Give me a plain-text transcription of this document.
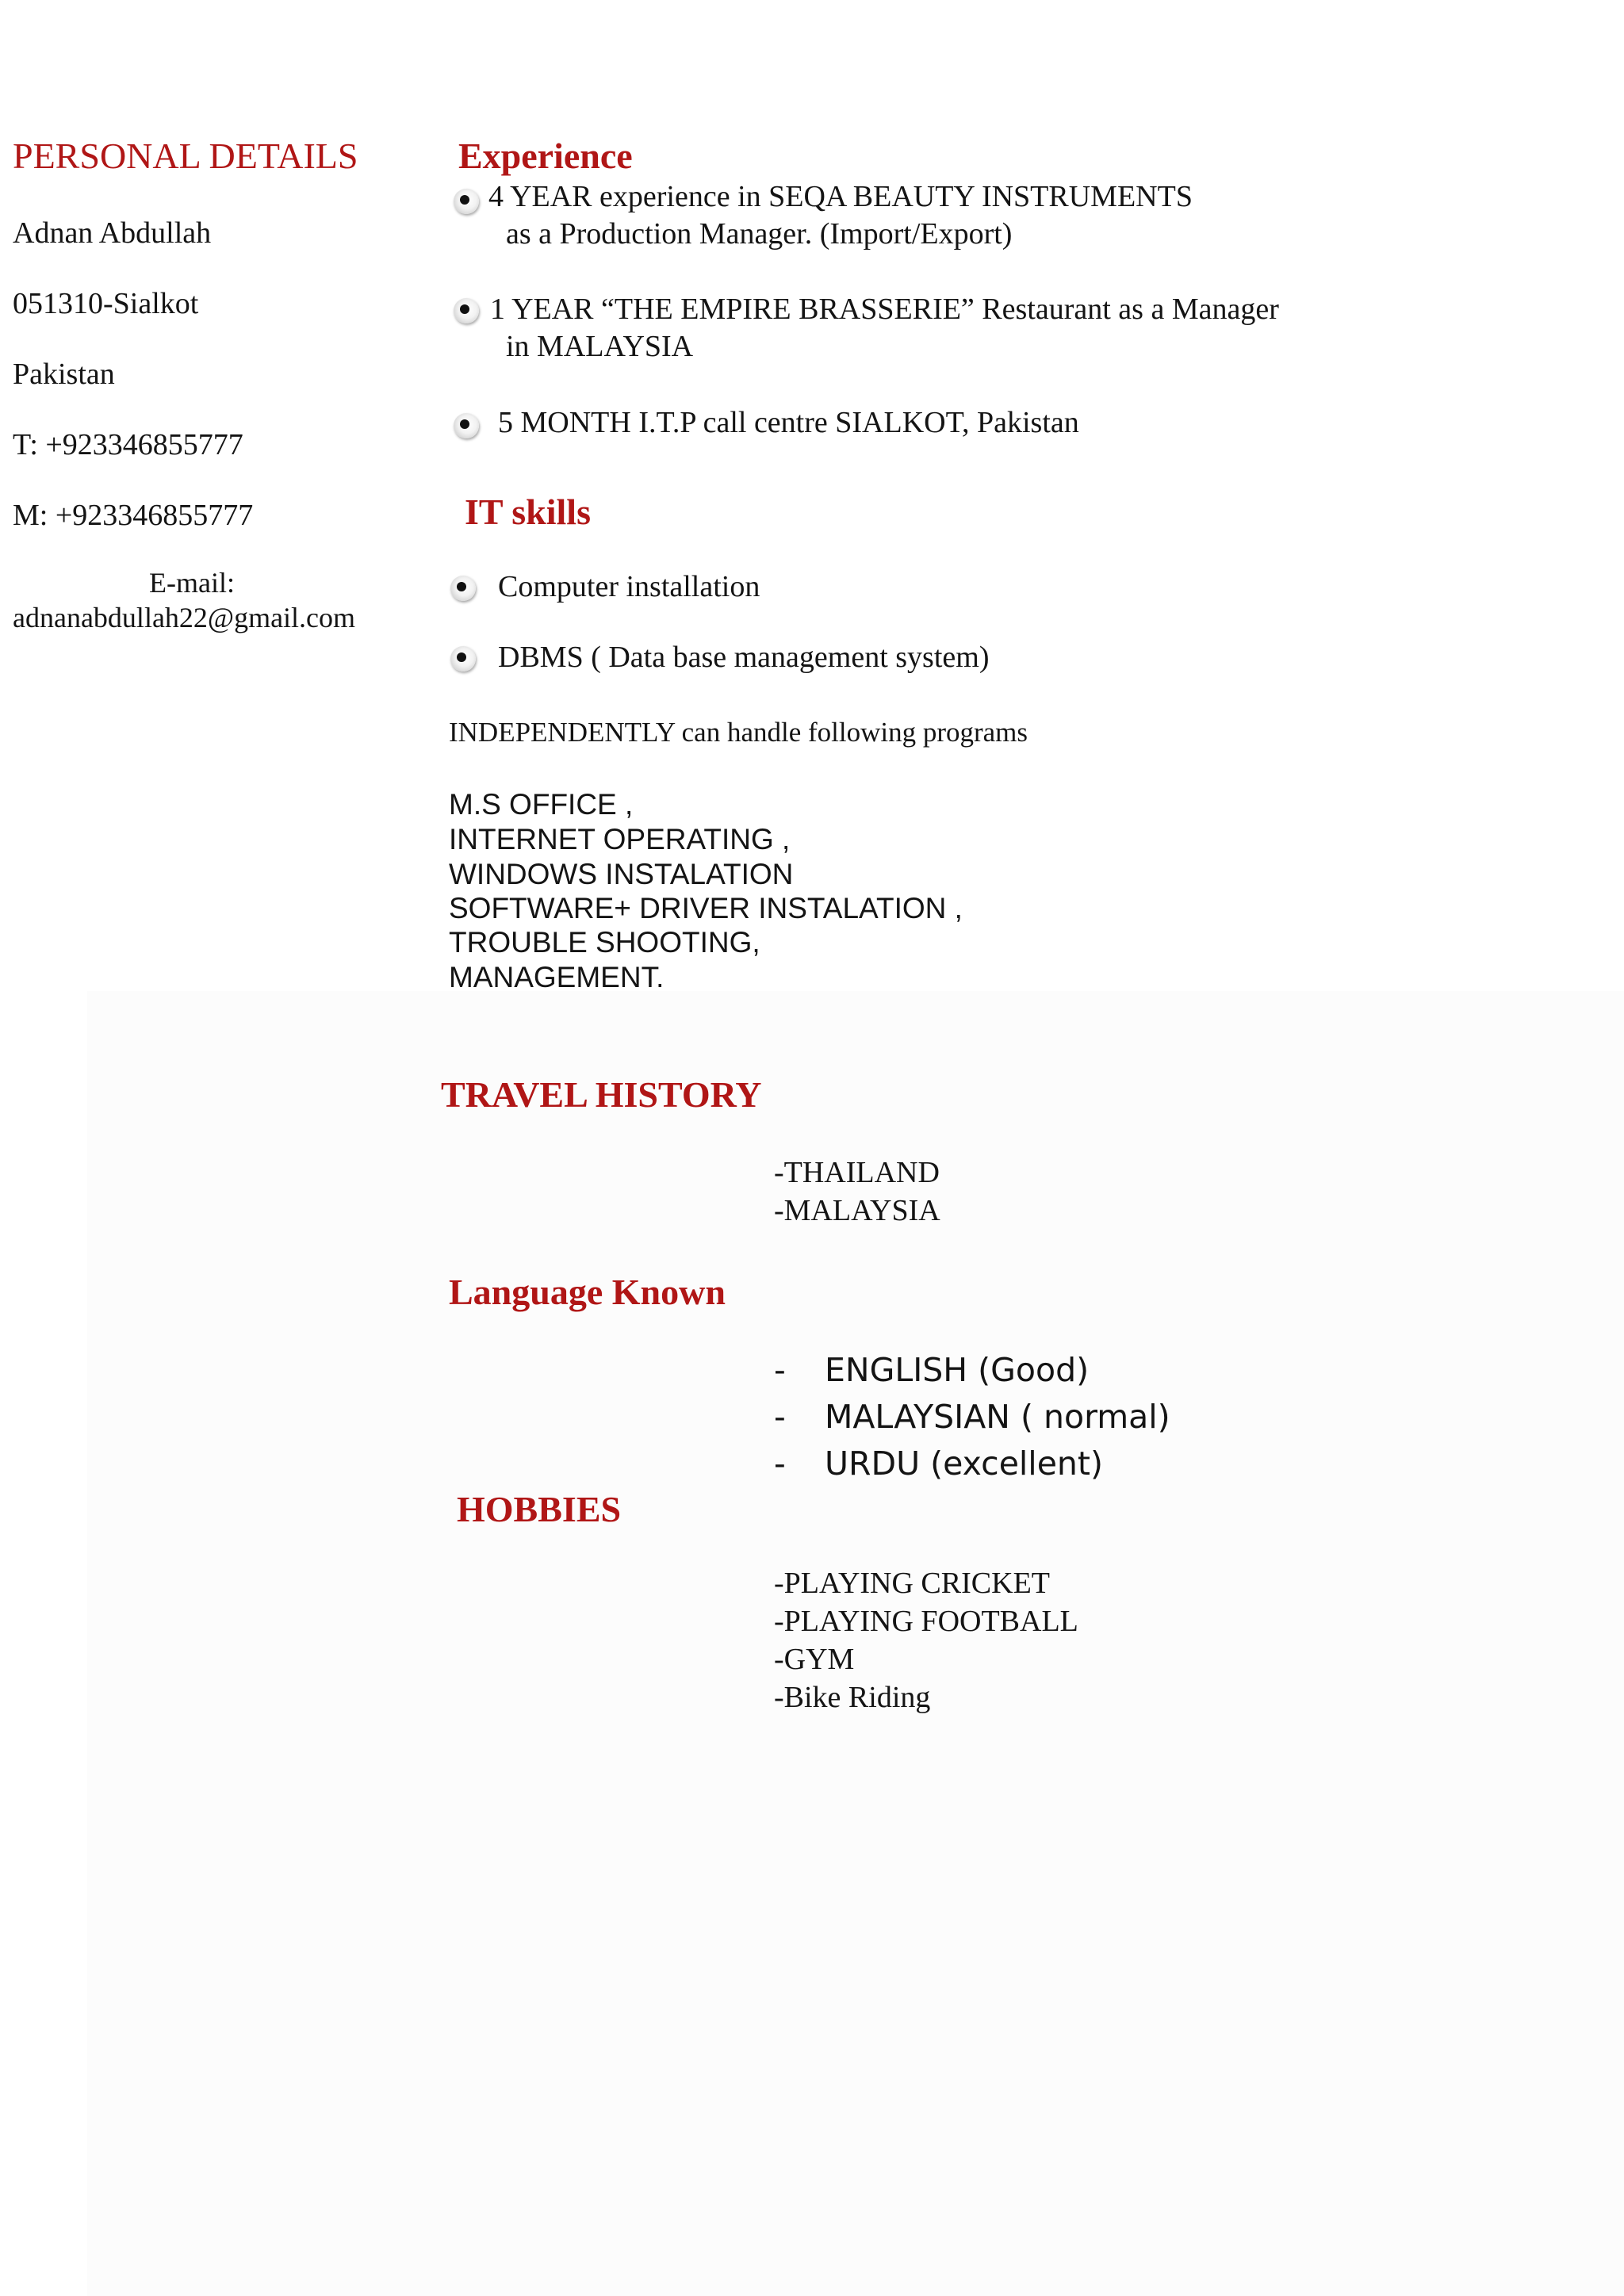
PERSONAL DETAILS
Adnan Abdullah
051310-Sialkot
Pakistan
T: +923346855777
M: +923346855777
E-mail:
adnanabdullah22@gmail.com
Experience
4 YEAR experience in SEQA BEAUTY INSTRUMENTS
as a Production Manager. (Import/Export)
1 YEAR “THE EMPIRE BRASSERIE” Restaurant as a Manager
in MALAYSIA
5 MONTH I.T.P call centre SIALKOT, Pakistan
IT skills
Computer installation
DBMS ( Data base management system)
INDEPENDENTLY can handle following programs
M.S OFFICE ,
INTERNET OPERATING ,
WINDOWS INSTALATION
SOFTWARE+ DRIVER INSTALATION ,
TROUBLE SHOOTING,
MANAGEMENT.
TRAVEL HISTORY
-THAILAND
-MALAYSIA
Language Known
- ENGLISH (Good)
- MALAYSIAN ( normal)
- URDU (excellent)
HOBBIES
-PLAYING CRICKET
-PLAYING FOOTBALL
-GYM
-Bike Riding
